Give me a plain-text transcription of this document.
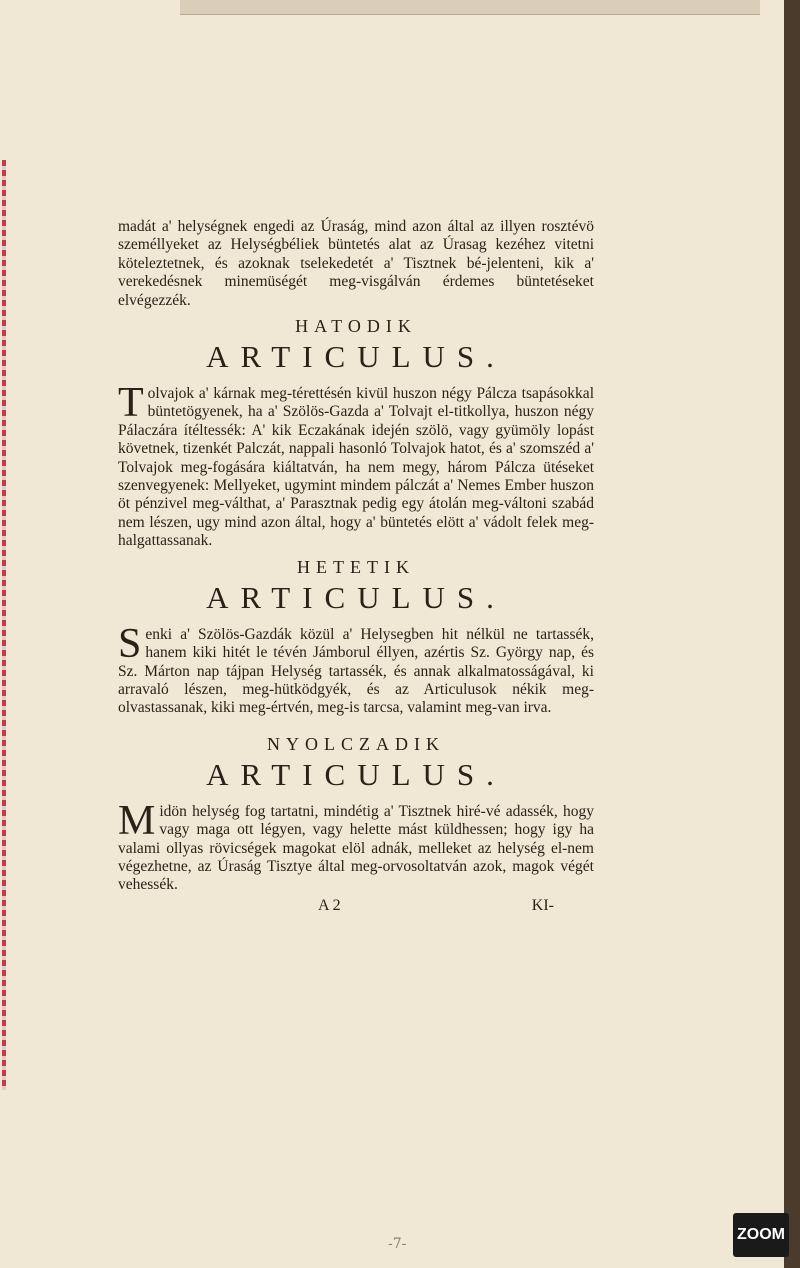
madát a' helységnek engedi az Úraság, mind azon által az illyen rosztévö személlyeket az Helységbéliek büntetés alat az Úrasag kezéhez vitetni köteleztetnek, és azoknak tselekedetét a' Tisztnek bé-jelenteni, kik a' verekedésnek minemüségét meg-visgálván érdemes büntetéseket elvégezzék.

HATODIK
ARTICULUS.

Tolvajok a' kárnak meg-térettésén kivül huszon négy Pálcza tsapásokkal büntetögyenek, ha a' Szölös-Gazda a' Tolvajt el-titkollya, huszon négy Pálaczára ítéltessék: A' kik Eczakának idején szölö, vagy gyümöly lopást követnek, tizenkét Palczát, nappali hasonló Tolvajok hatot, és a' szomszéd a' Tolvajok meg-fogására kiáltatván, ha nem megy, három Pálcza ütéseket szenvegyenek: Mellyeket, ugymint mindem pálczát a' Nemes Ember huszon öt pénzivel meg-válthat, a' Parasztnak pedig egy átolán meg-váltoni szabád nem lészen, ugy mind azon által, hogy a' büntetés elött a' vádolt felek meg-halgattassanak.

HETETIK
ARTICULUS.

Senki a' Szölös-Gazdák közül a' Helysegben hit nélkül ne tartassék, hanem kiki hitét le tévén Jámborul éllyen, azértis Sz. György nap, és Sz. Márton nap tájpan Helység tartassék, és annak alkalmatosságával, ki arravaló lészen, meg-hütködgyék, és az Articulusok nékik meg-olvastassanak, kiki meg-értvén, meg-is tarcsa, valamint meg-van irva.

NYOLCZADIK
ARTICULUS.

Midön helység fog tartatni, mindétig a' Tisztnek hiré-vé adassék, hogy vagy maga ott légyen, vagy helette mást küldhessen; hogy igy ha valami ollyas rövicségek magokat elöl adnák, melleket az helység el-nem végezhetne, az Úraság Tisztye által meg-orvosoltatván azok, magok végét vehessék.

A 2	KI-
-7-
ZOOM
